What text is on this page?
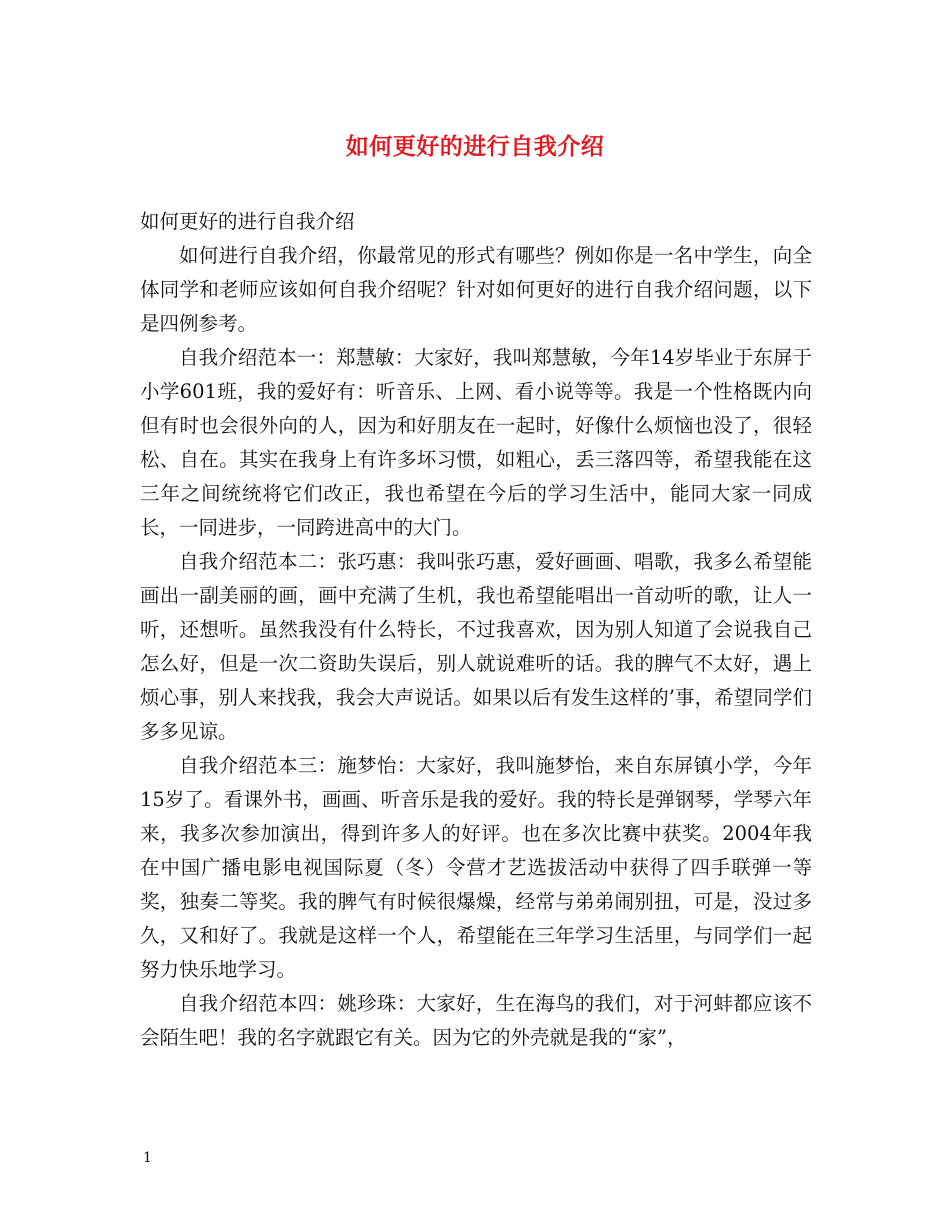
如何更好的进行自我介绍
如何更好的进行自我介绍

如何进行自我介绍，你最常见的形式有哪些？例如你是一名中学生，向全体同学和老师应该如何自我介绍呢？针对如何更好的进行自我介绍问题，以下是四例参考。

自我介绍范本一：郑慧敏：大家好，我叫郑慧敏，今年14岁毕业于东屏于小学601班，我的爱好有：听音乐、上网、看小说等等。我是一个性格既内向但有时也会很外向的人，因为和好朋友在一起时，好像什么烦恼也没了，很轻松、自在。其实在我身上有许多坏习惯，如粗心，丢三落四等，希望我能在这三年之间统统将它们改正，我也希望在今后的学习生活中，能同大家一同成长，一同进步，一同跨进高中的大门。

自我介绍范本二：张巧惠：我叫张巧惠，爱好画画、唱歌，我多么希望能画出一副美丽的画，画中充满了生机，我也希望能唱出一首动听的歌，让人一听，还想听。虽然我没有什么特长，不过我喜欢，因为别人知道了会说我自己怎么好，但是一次二资助失误后，别人就说难听的话。我的脾气不太好，遇上烦心事，别人来找我，我会大声说话。如果以后有发生这样的’事，希望同学们多多见谅。

自我介绍范本三：施梦怡：大家好，我叫施梦怡，来自东屏镇小学，今年15岁了。看课外书，画画、听音乐是我的爱好。我的特长是弹钢琴，学琴六年来，我多次参加演出，得到许多人的好评。也在多次比赛中获奖。2004年我在中国广播电影电视国际夏（冬）令营才艺选拔活动中获得了四手联弹一等奖，独奏二等奖。我的脾气有时候很爆燥，经常与弟弟闹别扭，可是，没过多久，又和好了。我就是这样一个人，希望能在三年学习生活里，与同学们一起努力快乐地学习。

自我介绍范本四：姚珍珠：大家好，生在海鸟的我们，对于河蚌都应该不会陌生吧！我的名字就跟它有关。因为它的外壳就是我的“家”，

1
